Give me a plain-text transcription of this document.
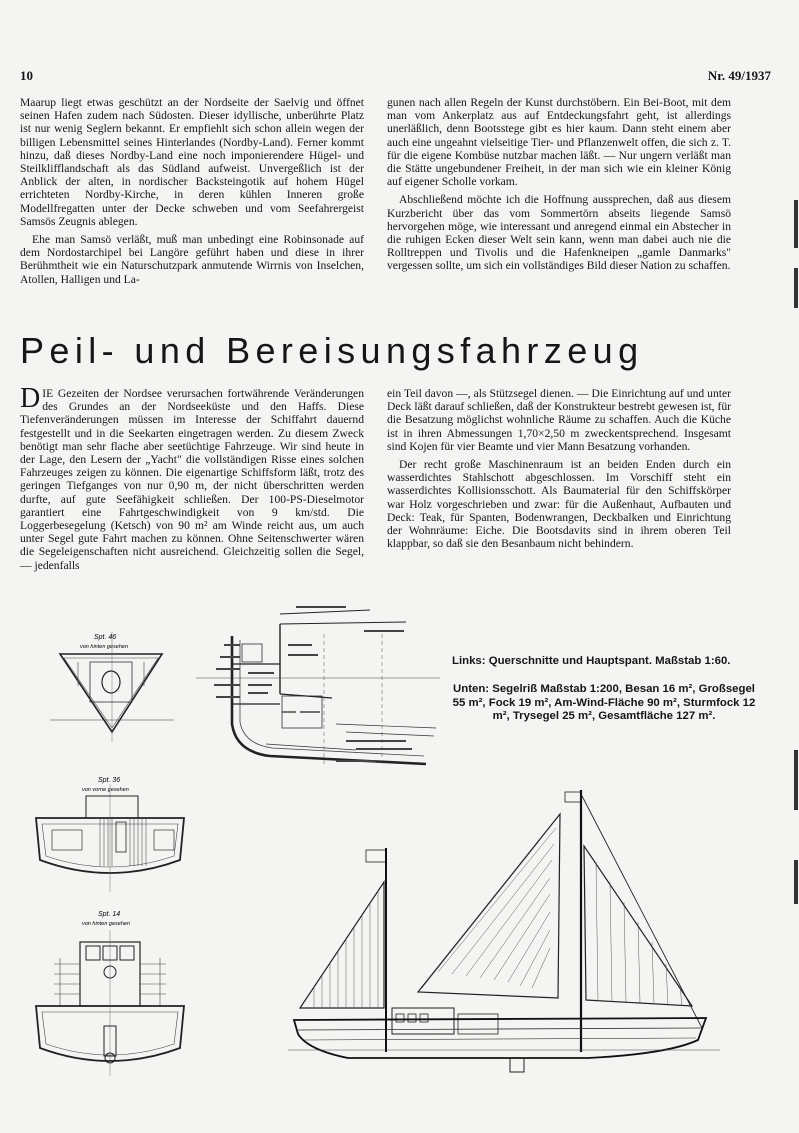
10	Nr. 49/1937

Maarup liegt etwas geschützt an der Nordseite der Saelvig und öffnet seinen Hafen zudem nach Südosten. Dieser idyllische, unberührte Platz ist nur wenig Seglern bekannt. Er empfiehlt sich schon allein wegen der billigen Lebensmittel seines Hinterlandes (Nordby-Land). Ferner kommt hinzu, daß dieses Nordby-Land eine noch imponierendere Hügel- und Steilklifflandschaft als das Südland aufweist. Unvergeßlich ist der Anblick der alten, in nordischer Backsteingotik auf hohem Hügel errichteten Nordby-Kirche, in deren kühlen Inneren große Modellfregatten unter der Decke schweben und vom Seefahrergeist Samsös Zeugnis ablegen.

Ehe man Samsö verläßt, muß man unbedingt eine Robinsonade auf dem Nordostarchipel bei Langöre geführt haben und diese in ihrer Berühmtheit wie ein Naturschutzpark anmutende Wirrnis von Inselchen, Atollen, Halligen und La-

gunen nach allen Regeln der Kunst durchstöbern. Ein Bei-Boot, mit dem man vom Ankerplatz aus auf Entdeckungsfahrt geht, ist allerdings unerläßlich, denn Bootsstege gibt es hier kaum. Dann steht einem aber auch eine ungeahnt vielseitige Tier- und Pflanzenwelt offen, die sich z. T. für die eigene Kombüse nutzbar machen läßt. — Nur ungern verläßt man die Stätte ungebundener Freiheit, in der man sich wie ein kleiner König auf eigener Scholle vorkam.

Abschließend möchte ich die Hoffnung aussprechen, daß aus diesem Kurzbericht über das vom Sommertörn abseits liegende Samsö hervorgehen möge, wie interessant und anregend einmal ein Abstecher in die ruhigen Ecken dieser Welt sein kann, wenn man dabei auch nie die Rolltreppen und Tivolis und die Hafenkneipen „gamle Danmarks" vergessen sollte, um sich ein vollständiges Bild dieser Nation zu schaffen.

Peil- und Bereisungsfahrzeug

DIE Gezeiten der Nordsee verursachen fortwährende Veränderungen des Grundes an der Nordseeküste und den Haffs. Diese Tiefenveränderungen müssen im Interesse der Schiffahrt dauernd festgestellt und in die Seekarten eingetragen werden. Zu diesem Zweck benötigt man sehr flache aber seetüchtige Fahrzeuge. Wir sind heute in der Lage, den Lesern der „Yacht" die vollständigen Risse eines solchen Fahrzeuges zeigen zu können. Die eigenartige Schiffsform läßt, trotz des geringen Tiefganges von nur 0,90 m, der nicht überschritten werden durfte, auf gute Seefähigkeit schließen. Der 100-PS-Dieselmotor garantiert eine Fahrtgeschwindigkeit von 9 km/std. Die Loggerbesegelung (Ketsch) von 90 m² am Winde reicht aus, um auch unter Segel gute Fahrt machen zu können. Ohne Seitenschwerter wären die Segeleigenschaften nicht ausreichend. Gleichzeitig sollen die Segel, — jedenfalls

ein Teil davon —, als Stützsegel dienen. — Die Einrichtung auf und unter Deck läßt darauf schließen, daß der Konstrukteur bestrebt gewesen ist, für die Besatzung möglichst wohnliche Räume zu schaffen. Auch die Küche ist in ihren Abmessungen 1,70×2,50 m zweckentsprechend. Insgesamt sind Kojen für vier Beamte und vier Mann Besatzung vorhanden.

Der recht große Maschinenraum ist an beiden Enden durch ein wasserdichtes Stahlschott abgeschlossen. Im Vorschiff steht ein wasserdichtes Kollisionsschott. Als Baumaterial für den Schiffskörper war Holz vorgeschrieben und zwar: für die Außenhaut, Aufbauten und Deck: Teak, für Spanten, Bodenwrangen, Deckbalken und Einrichtung der Wohnräume: Eiche. Die Bootsdavits sind in ihrem oberen Teil klappbar, so daß sie den Besanbaum nicht behindern.

Links: Querschnitte und Hauptspant. Maßstab 1:60.
Unten: Segelriß Maßstab 1:200, Besan 16 m², Großsegel 55 m², Fock 19 m², Am-Wind-Fläche 90 m², Sturmfock 12 m², Trysegel 25 m², Gesamtfläche 127 m².
Spt. 46
von hinten gesehen
Spt. 36
von vorne gesehen
Spt. 14
von hinten gesehen
